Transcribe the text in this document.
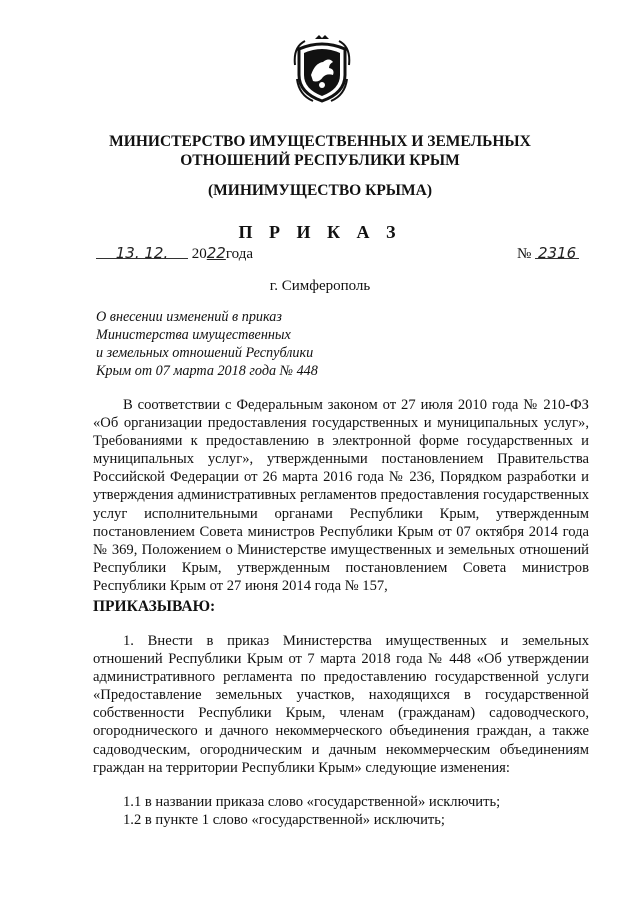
МИНИСТЕРСТВО ИМУЩЕСТВЕННЫХ И ЗЕМЕЛЬНЫХ
ОТНОШЕНИЙ РЕСПУБЛИКИ КРЫМ
(МИНИМУЩЕСТВО КРЫМА)
П Р И К А З
13. 12. 2022года	№ 2316
г. Симферополь
О внесении изменений в приказ
Министерства имущественных
и земельных отношений Республики
Крым от 07 марта 2018 года № 448

В соответствии с Федеральным законом от 27 июля 2010 года № 210-ФЗ «Об организации предоставления государственных и муниципальных услуг», Требованиями к предоставлению в электронной форме государственных и муниципальных услуг», утвержденными постановлением Правительства Российской Федерации от 26 марта 2016 года № 236, Порядком разработки и утверждения административных регламентов предоставления государственных услуг исполнительными органами Республики Крым, утвержденным постановлением Совета министров Республики Крым от 07 октября 2014 года № 369, Положением о Министерстве имущественных и земельных отношений Республики Крым, утвержденным постановлением Совета министров Республики Крым от 27 июня 2014 года № 157,

ПРИКАЗЫВАЮ:

1. Внести в приказ Министерства имущественных и земельных отношений Республики Крым от 7 марта 2018 года № 448 «Об утверждении административного регламента по предоставлению государственной услуги «Предоставление земельных участков, находящихся в государственной собственности Республики Крым, членам (гражданам) садоводческого, огороднического и дачного некоммерческого объединения граждан, а также садоводческим, огородническим и дачным некоммерческим объединениям граждан на территории Республики Крым» следующие изменения:

1.1 в названии приказа слово «государственной» исключить;
1.2 в пункте 1 слово «государственной» исключить;
